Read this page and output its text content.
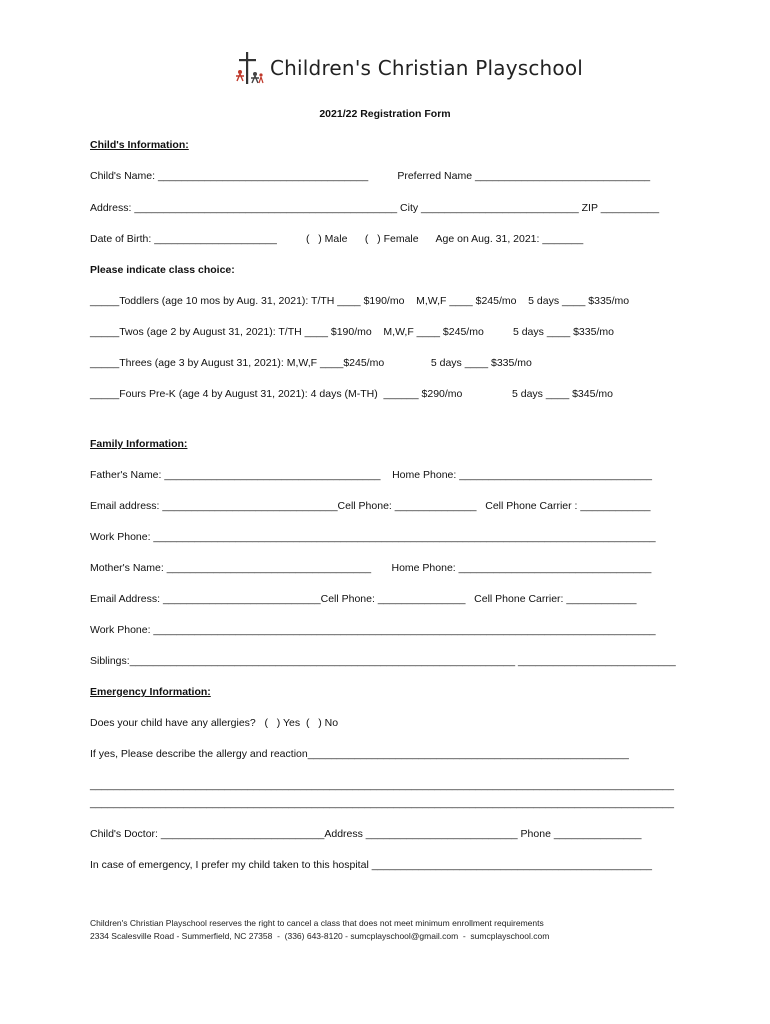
Children's Christian Playschool
2021/22 Registration Form
Child's Information:
Child's Name: ____________________________________          Preferred Name ______________________________
Address: _____________________________________________ City ___________________________ ZIP __________
Date of Birth: _____________________          (   ) Male      (   ) Female      Age on Aug. 31, 2021: _______
Please indicate class choice:
_____Toddlers (age 10 mos by Aug. 31, 2021): T/TH ____ $190/mo    M,W,F ____ $245/mo    5 days ____ $335/mo
_____Twos (age 2 by August 31, 2021): T/TH ____ $190/mo    M,W,F ____ $245/mo          5 days ____ $335/mo
_____Threes (age 3 by August 31, 2021): M,W,F ____$245/mo                5 days ____ $335/mo
_____Fours Pre-K (age 4 by August 31, 2021): 4 days (M-TH)  ______ $290/mo                 5 days ____ $345/mo
Family Information:
Father's Name: _____________________________________    Home Phone: _________________________________
Email address: ______________________________Cell Phone: ______________   Cell Phone Carrier : ____________
Work Phone: ______________________________________________________________________________________
Mother's Name: ___________________________________       Home Phone: _________________________________
Email Address: ___________________________Cell Phone: _______________   Cell Phone Carrier: ____________
Work Phone: ______________________________________________________________________________________
Siblings:__________________________________________________________________ ___________________________
Emergency Information:
Does your child have any allergies?   (   ) Yes  (   ) No
If yes, Please describe the allergy and reaction_______________________________________________________
____________________________________________________________________________________________________
____________________________________________________________________________________________________
Child's Doctor: ____________________________Address __________________________ Phone _______________
In case of emergency, I prefer my child taken to this hospital ________________________________________________
Children's Christian Playschool reserves the right to cancel a class that does not meet minimum enrollment requirements
2334 Scalesville Road - Summerfield, NC 27358  -  (336) 643-8120 - sumcplayschool@gmail.com  -  sumcplayschool.com
